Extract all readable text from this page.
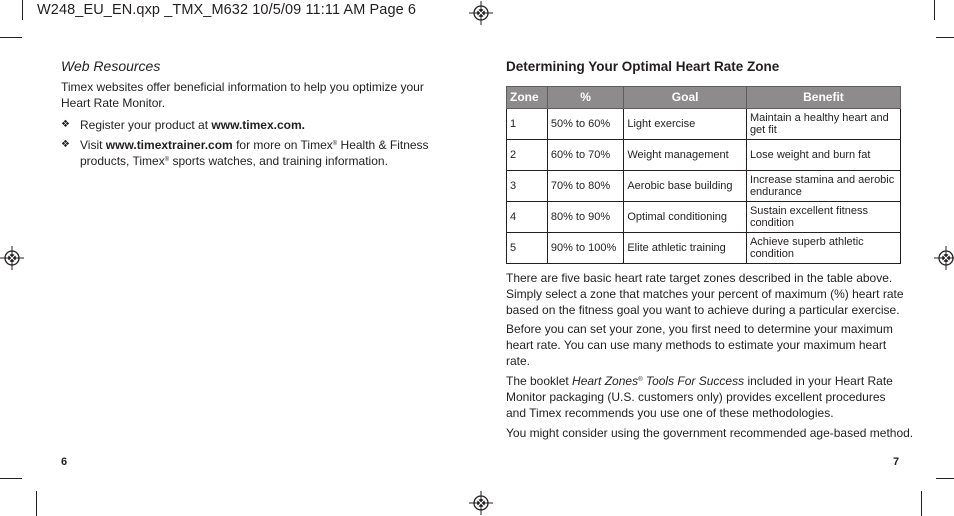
W248_EU_EN.qxp _TMX_M632 10/5/09 11:11 AM Page 6
Web Resources
Timex websites offer beneficial information to help you optimize your Heart Rate Monitor.
❖ Register your product at www.timex.com.
❖ Visit www.timextrainer.com for more on Timex® Health & Fitness products, Timex® sports watches, and training information.
6
Determining Your Optimal Heart Rate Zone
Zone	%	Goal	Benefit
1	50% to 60%	Light exercise	Maintain a healthy heart and get fit
2	60% to 70%	Weight management	Lose weight and burn fat
3	70% to 80%	Aerobic base building	Increase stamina and aerobic endurance
4	80% to 90%	Optimal conditioning	Sustain excellent fitness condition
5	90% to 100%	Elite athletic training	Achieve superb athletic condition
There are five basic heart rate target zones described in the table above. Simply select a zone that matches your percent of maximum (%) heart rate based on the fitness goal you want to achieve during a particular exercise.
Before you can set your zone, you first need to determine your maximum heart rate. You can use many methods to estimate your maximum heart rate.
The booklet Heart Zones® Tools For Success included in your Heart Rate Monitor packaging (U.S. customers only) provides excellent procedures and Timex recommends you use one of these methodologies.
You might consider using the government recommended age-based method.
7
